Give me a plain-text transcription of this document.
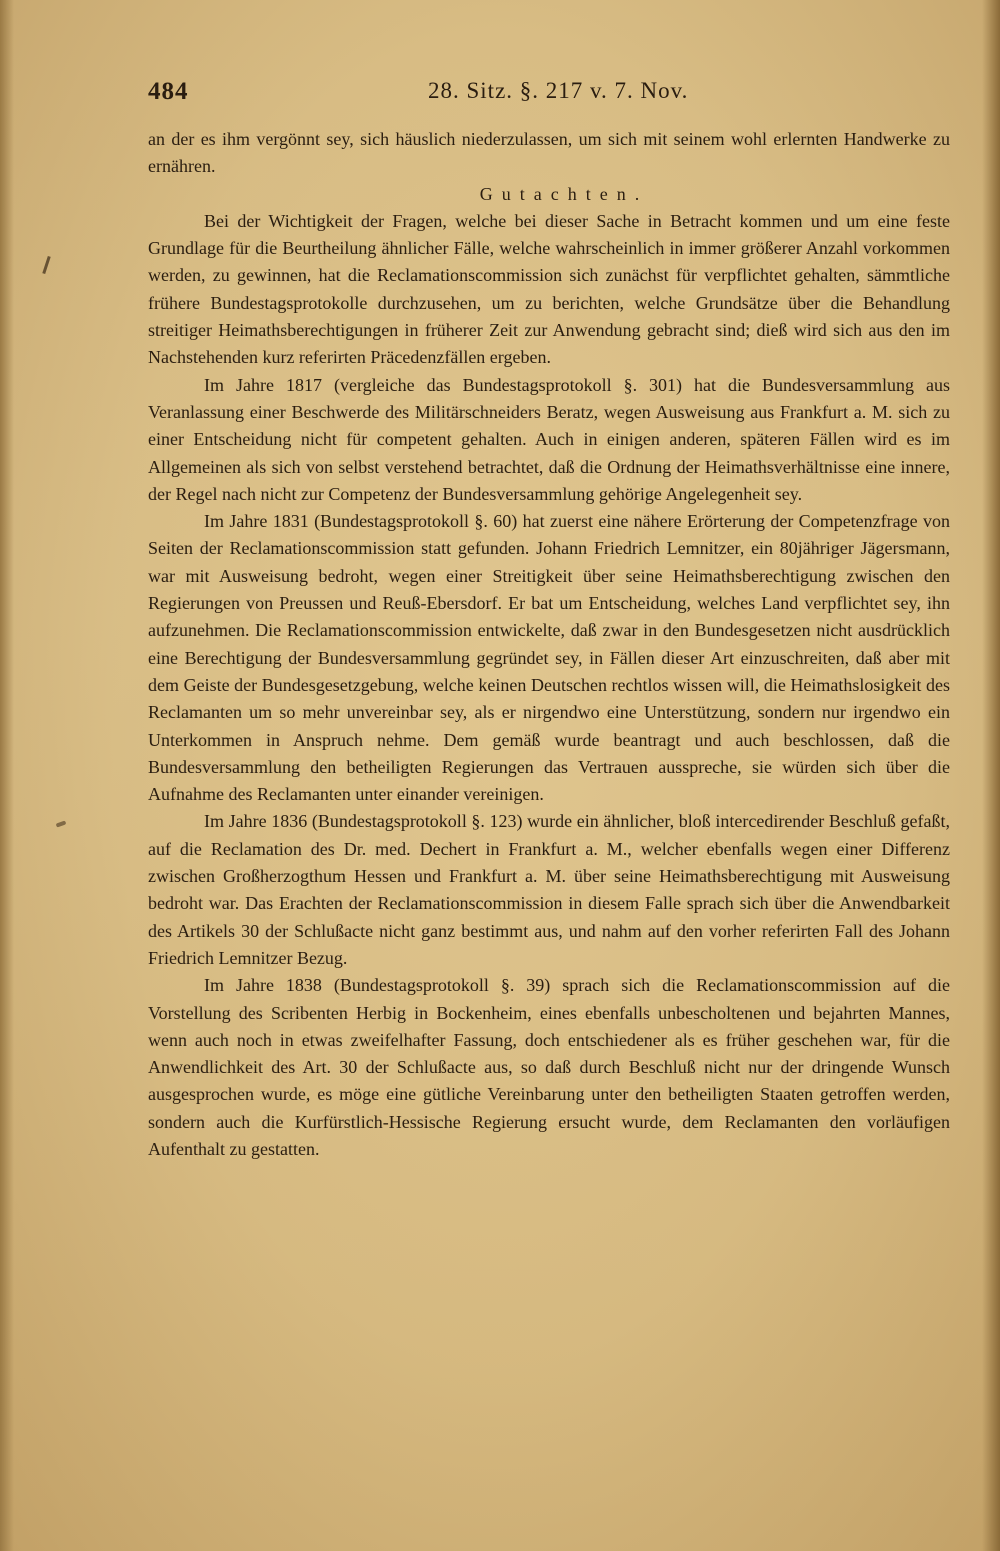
484	28. Sitz. §. 217 v. 7. Nov.

an der es ihm vergönnt sey, sich häuslich niederzulassen, um sich mit seinem wohl erlernten Handwerke zu ernähren.

Gutachten.

Bei der Wichtigkeit der Fragen, welche bei dieser Sache in Betracht kommen und um eine feste Grundlage für die Beurtheilung ähnlicher Fälle, welche wahrscheinlich in immer größerer Anzahl vorkommen werden, zu gewinnen, hat die Reclamationscommission sich zunächst für verpflichtet gehalten, sämmtliche frühere Bundestagsprotokolle durchzusehen, um zu berichten, welche Grundsätze über die Behandlung streitiger Heimathsberechtigungen in früherer Zeit zur Anwendung gebracht sind; dieß wird sich aus den im Nachstehenden kurz referirten Präcedenzfällen ergeben.

Im Jahre 1817 (vergleiche das Bundestagsprotokoll §. 301) hat die Bundesversammlung aus Veranlassung einer Beschwerde des Militärschneiders Beratz, wegen Ausweisung aus Frankfurt a. M. sich zu einer Entscheidung nicht für competent gehalten. Auch in einigen anderen, späteren Fällen wird es im Allgemeinen als sich von selbst verstehend betrachtet, daß die Ordnung der Heimathsverhältnisse eine innere, der Regel nach nicht zur Competenz der Bundesversammlung gehörige Angelegenheit sey.

Im Jahre 1831 (Bundestagsprotokoll §. 60) hat zuerst eine nähere Erörterung der Competenzfrage von Seiten der Reclamationscommission statt gefunden. Johann Friedrich Lemnitzer, ein 80jähriger Jägersmann, war mit Ausweisung bedroht, wegen einer Streitigkeit über seine Heimathsberechtigung zwischen den Regierungen von Preussen und Reuß-Ebersdorf. Er bat um Entscheidung, welches Land verpflichtet sey, ihn aufzunehmen. Die Reclamationscommission entwickelte, daß zwar in den Bundesgesetzen nicht ausdrücklich eine Berechtigung der Bundesversammlung gegründet sey, in Fällen dieser Art einzuschreiten, daß aber mit dem Geiste der Bundesgesetzgebung, welche keinen Deutschen rechtlos wissen will, die Heimathslosigkeit des Reclamanten um so mehr unvereinbar sey, als er nirgendwo eine Unterstützung, sondern nur irgendwo ein Unterkommen in Anspruch nehme. Dem gemäß wurde beantragt und auch beschlossen, daß die Bundesversammlung den betheiligten Regierungen das Vertrauen ausspreche, sie würden sich über die Aufnahme des Reclamanten unter einander vereinigen.

Im Jahre 1836 (Bundestagsprotokoll §. 123) wurde ein ähnlicher, bloß intercedirender Beschluß gefaßt, auf die Reclamation des Dr. med. Dechert in Frankfurt a. M., welcher ebenfalls wegen einer Differenz zwischen Großherzogthum Hessen und Frankfurt a. M. über seine Heimathsberechtigung mit Ausweisung bedroht war. Das Erachten der Reclamationscommission in diesem Falle sprach sich über die Anwendbarkeit des Artikels 30 der Schlußacte nicht ganz bestimmt aus, und nahm auf den vorher referirten Fall des Johann Friedrich Lemnitzer Bezug.

Im Jahre 1838 (Bundestagsprotokoll §. 39) sprach sich die Reclamationscommission auf die Vorstellung des Scribenten Herbig in Bockenheim, eines ebenfalls unbescholtenen und bejahrten Mannes, wenn auch noch in etwas zweifelhafter Fassung, doch entschiedener als es früher geschehen war, für die Anwendlichkeit des Art. 30 der Schlußacte aus, so daß durch Beschluß nicht nur der dringende Wunsch ausgesprochen wurde, es möge eine gütliche Vereinbarung unter den betheiligten Staaten getroffen werden, sondern auch die Kurfürstlich-Hessische Regierung ersucht wurde, dem Reclamanten den vorläufigen Aufenthalt zu gestatten.
